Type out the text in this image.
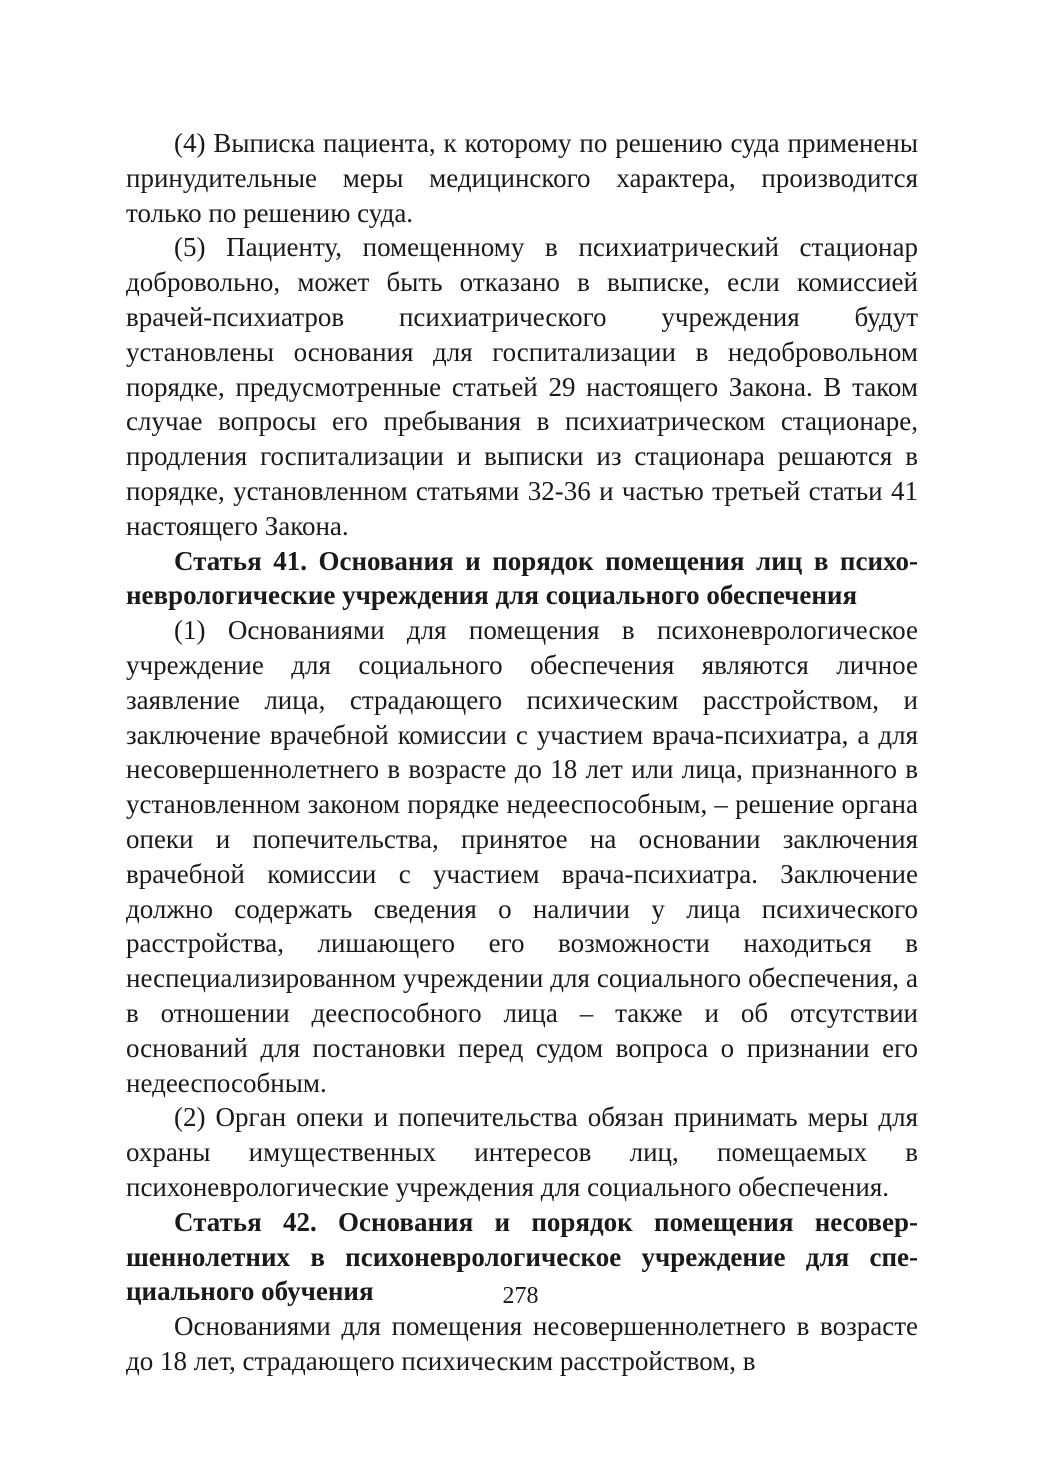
(4) Выписка пациента, к которому по решению суда применены принудительные меры медицинского характера, производится только по решению суда.

(5) Пациенту, помещенному в психиатрический стационар добровольно, может быть отказано в выписке, если комиссией врачей-психиатров психиатрического учреждения будут установлены основания для госпитализации в недобровольном порядке, предусмотренные статьей 29 настоящего Закона. В таком случае вопросы его пребывания в психиатрическом стационаре, продления госпитализации и выписки из стационара решаются в порядке, установленном статьями 32-36 и частью третьей статьи 41 настоящего Закона.

Статья 41. Основания и порядок помещения лиц в психоневрологические учреждения для социального обеспечения

(1) Основаниями для помещения в психоневрологическое учреждение для социального обеспечения являются личное заявление лица, страдающего психическим расстройством, и заключение врачебной комиссии с участием врача-психиатра, а для несовершеннолетнего в возрасте до 18 лет или лица, признанного в установленном законом порядке недееспособным, – решение органа опеки и попечительства, принятое на основании заключения врачебной комиссии с участием врача-психиатра. Заключение должно содержать сведения о наличии у лица психического расстройства, лишающего его возможности находиться в неспециализированном учреждении для социального обеспечения, а в отношении дееспособного лица – также и об отсутствии оснований для постановки перед судом вопроса о признании его недееспособным.

(2) Орган опеки и попечительства обязан принимать меры для охраны имущественных интересов лиц, помещаемых в психоневрологические учреждения для социального обеспечения.

Статья 42. Основания и порядок помещения несовершеннолетних в психоневрологическое учреждение для специального обучения

Основаниями для помещения несовершеннолетнего в возрасте до 18 лет, страдающего психическим расстройством, в

278
